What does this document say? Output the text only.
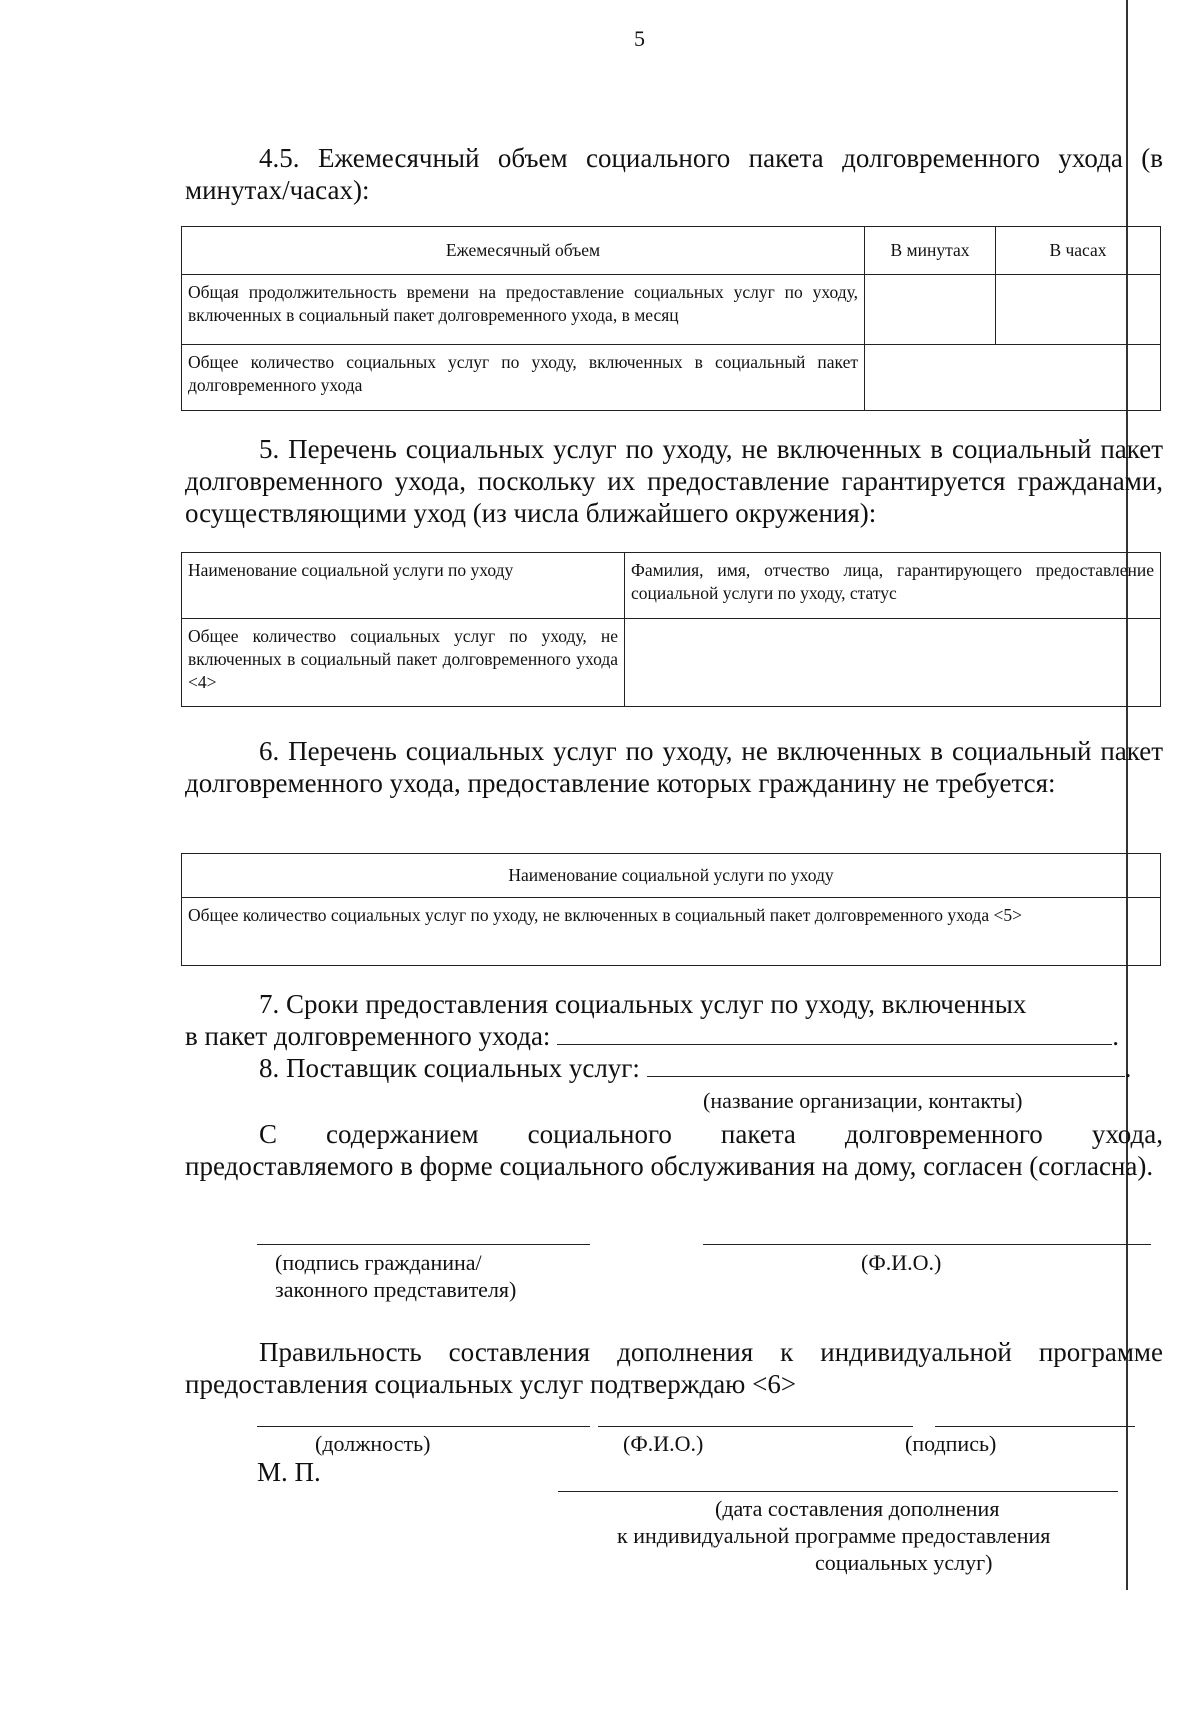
5
4.5. Ежемесячный объем социального пакета долговременного ухода (в минутах/часах):
Ежемесячный объем	В минутах	В часах
Общая продолжительность времени на предоставление социальных услуг по уходу, включенных в социальный пакет долговременного ухода, в месяц		
Общее количество социальных услуг по уходу, включенных в социальный пакет долговременного ухода		
5. Перечень социальных услуг по уходу, не включенных в социальный пакет долговременного ухода, поскольку их предоставление гарантируется гражданами, осуществляющими уход (из числа ближайшего окружения):
Наименование социальной услуги по уходу	Фамилия, имя, отчество лица, гарантирующего предоставление социальной услуги по уходу, статус
Общее количество социальных услуг по уходу, не включенных в социальный пакет долговременного ухода <4>	
6. Перечень социальных услуг по уходу, не включенных в социальный пакет долговременного ухода, предоставление которых гражданину не требуется:
Наименование социальной услуги по уходу
Общее количество социальных услуг по уходу, не включенных в социальный пакет долговременного ухода <5>
7. Сроки предоставления социальных услуг по уходу, включенных
в пакет долговременного ухода:	.
8. Поставщик социальных услуг:	.
(название организации, контакты)
С содержанием социального пакета долговременного ухода, предоставляемого в форме социального обслуживания на дому, согласен (согласна).
(подпись гражданина/
законного представителя)
(Ф.И.О.)
Правильность составления дополнения к индивидуальной программе предоставления социальных услуг подтверждаю <6>
(должность)	(Ф.И.О.)	(подпись)
М. П.
(дата составления дополнения
к индивидуальной программе предоставления
социальных услуг)
